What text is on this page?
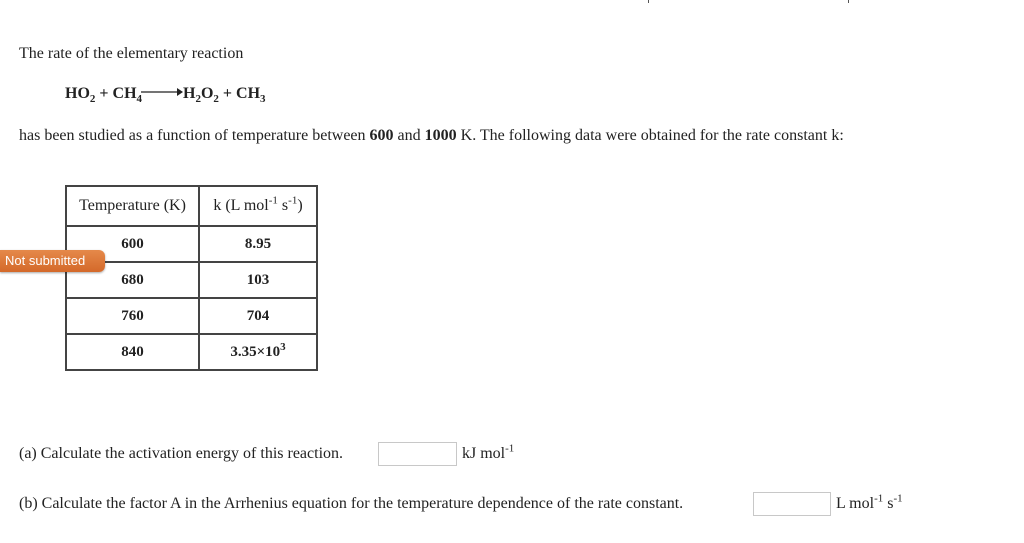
The rate of the elementary reaction
$HO_2 + CH_4 \to H_2O_2 + CH_3$
has been studied as a function of temperature between 600 and 1000 K. The following data were obtained for the rate constant k:
Temperature (K)	k (L mol$^{-1}$ $s^{-1}$)
600	8.95
680	103
760	704
840	$3.35\times 10^3$
Not submitted
(a) Calculate the activation energy of this reaction.	kJ mol$^{-1}$
(b) Calculate the factor A in the Arrhenius equation for the temperature dependence of the rate constant.	L mol$^{-1}$ $s^{-1}$
